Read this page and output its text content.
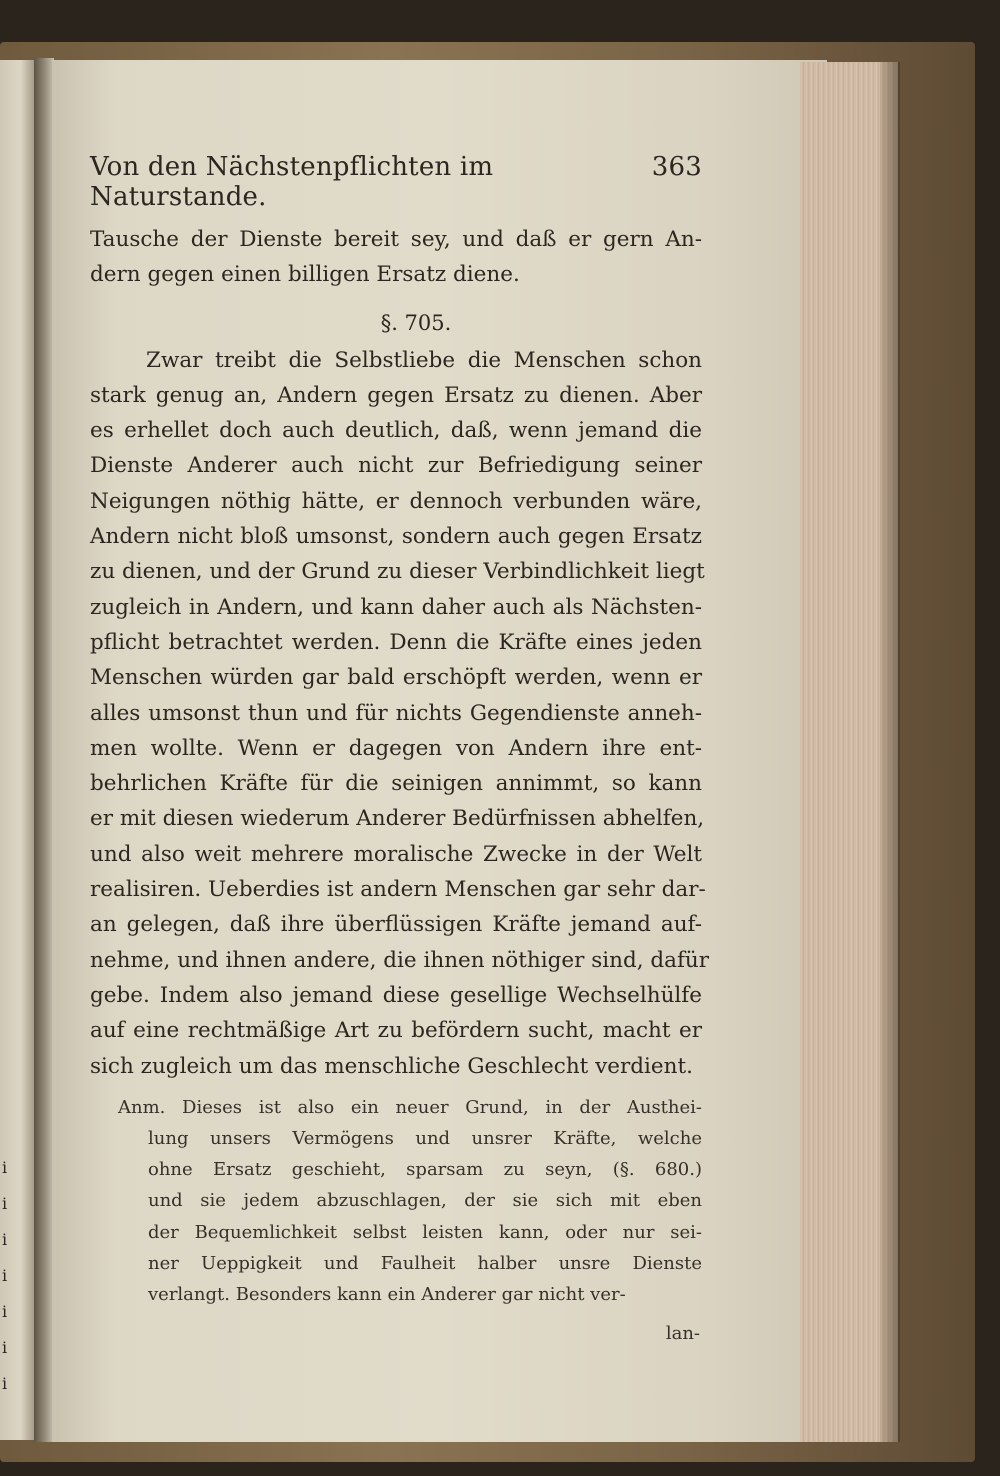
i
i
i
i
i
i
i
Von den Nächstenpflichten im Naturstande.
363
Tausche der Dienste bereit sey, und daß er gern An-
dern gegen einen billigen Ersatz diene.
§. 705.
Zwar treibt die Selbstliebe die Menschen schon
stark genug an, Andern gegen Ersatz zu dienen. Aber
es erhellet doch auch deutlich, daß, wenn jemand die
Dienste Anderer auch nicht zur Befriedigung seiner
Neigungen nöthig hätte, er dennoch verbunden wäre,
Andern nicht bloß umsonst, sondern auch gegen Ersatz
zu dienen, und der Grund zu dieser Verbindlichkeit liegt
zugleich in Andern, und kann daher auch als Nächsten-
pflicht betrachtet werden. Denn die Kräfte eines jeden
Menschen würden gar bald erschöpft werden, wenn er
alles umsonst thun und für nichts Gegendienste anneh-
men wollte. Wenn er dagegen von Andern ihre ent-
behrlichen Kräfte für die seinigen annimmt, so kann
er mit diesen wiederum Anderer Bedürfnissen abhelfen,
und also weit mehrere moralische Zwecke in der Welt
realisiren. Ueberdies ist andern Menschen gar sehr dar-
an gelegen, daß ihre überflüssigen Kräfte jemand auf-
nehme, und ihnen andere, die ihnen nöthiger sind, dafür
gebe. Indem also jemand diese gesellige Wechselhülfe
auf eine rechtmäßige Art zu befördern sucht, macht er
sich zugleich um das menschliche Geschlecht verdient.
Anm. Dieses ist also ein neuer Grund, in der Austhei-
lung unsers Vermögens und unsrer Kräfte, welche
ohne Ersatz geschieht, sparsam zu seyn, (§. 680.)
und sie jedem abzuschlagen, der sie sich mit eben
der Bequemlichkeit selbst leisten kann, oder nur sei-
ner Ueppigkeit und Faulheit halber unsre Dienste
verlangt. Besonders kann ein Anderer gar nicht ver-
lan-
